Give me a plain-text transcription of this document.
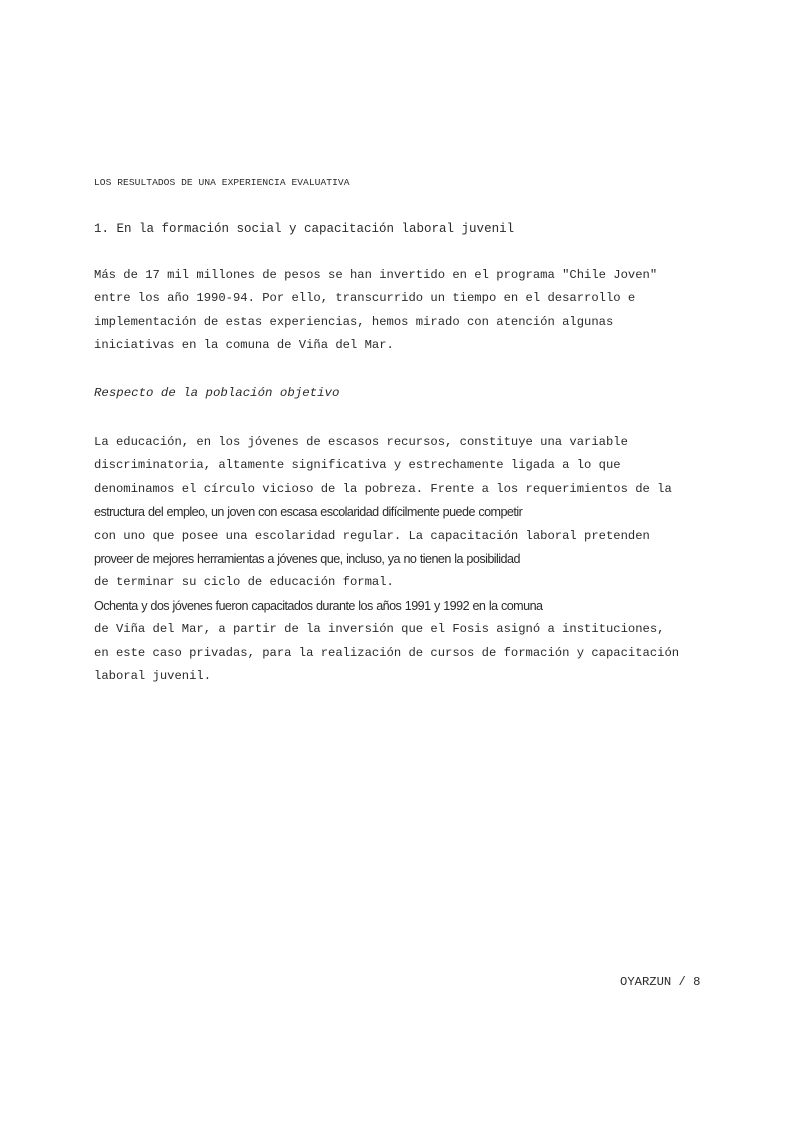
LOS RESULTADOS DE UNA EXPERIENCIA EVALUATIVA
1. En la formación social y capacitación laboral juvenil

Más de 17 mil millones de pesos se han invertido en el programa "Chile Joven"
entre los año 1990-94. Por ello, transcurrido un tiempo en el desarrollo e
implementación de estas experiencias, hemos mirado con atención algunas
iniciativas en la comuna de Viña del Mar.

Respecto de la población objetivo

La educación, en los jóvenes de escasos recursos, constituye una variable
discriminatoria, altamente significativa y estrechamente ligada a lo que
denominamos el círculo vicioso de la pobreza. Frente a los requerimientos de la
estructura del empleo, un joven con escasa escolaridad difícilmente puede competir
con uno que posee una escolaridad regular. La capacitación laboral pretenden
proveer de mejores herramientas a jóvenes que, incluso, ya no tienen la posibilidad
de terminar su ciclo de educación formal.
Ochenta y dos jóvenes fueron capacitados durante los años 1991 y 1992 en la comuna
de Viña del Mar, a partir de la inversión que el Fosis asignó a instituciones,
en este caso privadas, para la realización de cursos de formación y capacitación
laboral juvenil.

OYARZUN / 8
